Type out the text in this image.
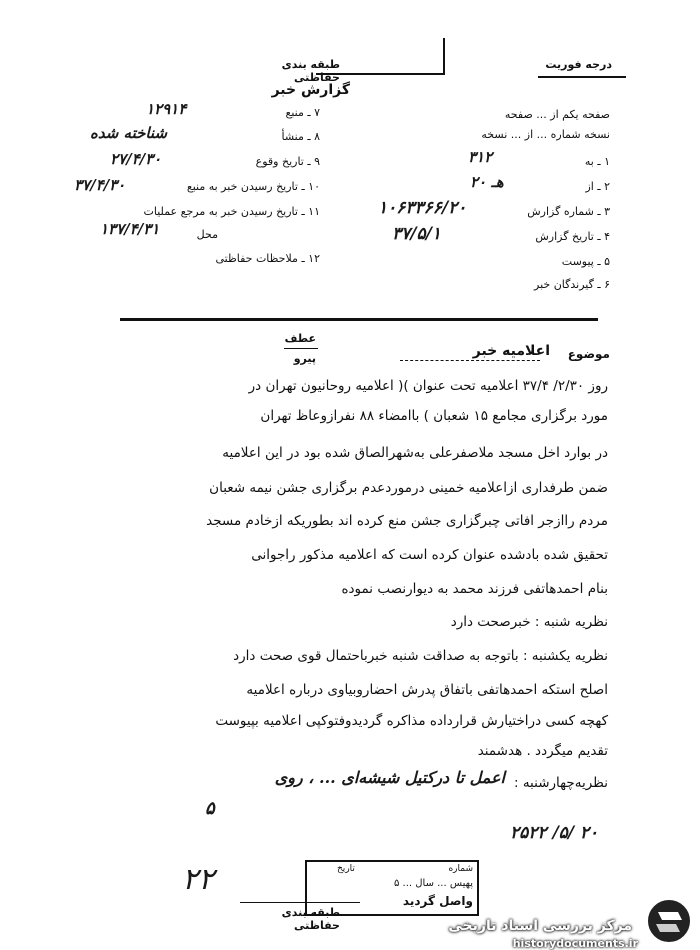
طبقه بندی حفاظتی
گزارش خبر
درجه فوریت
صفحه یکم از ... صفحه
نسخه شماره ... از ... نسخه
۷ ـ منبع
۱۲۹۱۴
۸ ـ منشأ
شناخته شده
۹ ـ تاریخ وقوع
۲۷/۴/۳۰
۱۰ ـ تاریخ رسیدن خبر به منبع
۳۷/۴/۳۰
۱۱ ـ تاریخ رسیدن خبر به مرجع عملیات
محل
۱۳۷/۴/۳۱
۱۲ ـ ملاحظات حفاظتی
۱ ـ به
۳۱۲
۲ ـ از
۲۰ هـ
۳ ـ شماره گزارش
۱۰۶۳۳۶۶/۲۰
۴ ـ تاریخ گزارش
۳۷/۵/۱
۵ ـ پیوست
۶ ـ گیرندگان خبر
عطف
پیرو	موضوع
اعلامیه خبر
روز ۲/۳۰/ ۳۷/۴ اعلامیه تحت عنوان )( اعلامیه روحانیون تهران در
مورد برگزاری مجامع ۱۵ شعبان ) باامضاء ۸۸ نفرازوعاظ تهران
در بوارد اخل مسجد ملاصفرعلی به‌شهرالصاق شده بود در این اعلامیه
ضمن طرفداری ازاعلامیه خمینی درموردعدم برگزاری جشن نیمه شعبان
مردم راازجر افاتی چبرگزاری جشن منع کرده اند بطوریکه ازخادم مسجد
تحقیق شده بادشده عنوان کرده است که اعلامیه مذکور راجوانی
بنام احمدهاتفی فرزند محمد به دیوارنصب نموده
نظریه شنبه : خبرصحت دارد
نظریه یکشنبه : باتوجه به صداقت شنبه خبرباحتمال قوی صحت دارد
اصلح استکه احمدهاتفی باتفاق پدرش احضاروبیاوی درباره اعلامیه
کهچه کسی دراختیارش قرارداده مذاکره گردیدوفتوکپی اعلامیه بپیوست
تقدیم میگردد . هدشمند
نظریه‌چهارشنبه :
اعمل تا درکتیل شیشه‌ای ... ، روی
۵
۲۵۲۲ /۵/ ۲۰
شماره
تاریخ
پهیس ... سال ... ۵
واصل گردید
۲۲
طبقه بندی حفاظتی	مرکز بررسی اسناد تاریخی
historydocuments.ir
